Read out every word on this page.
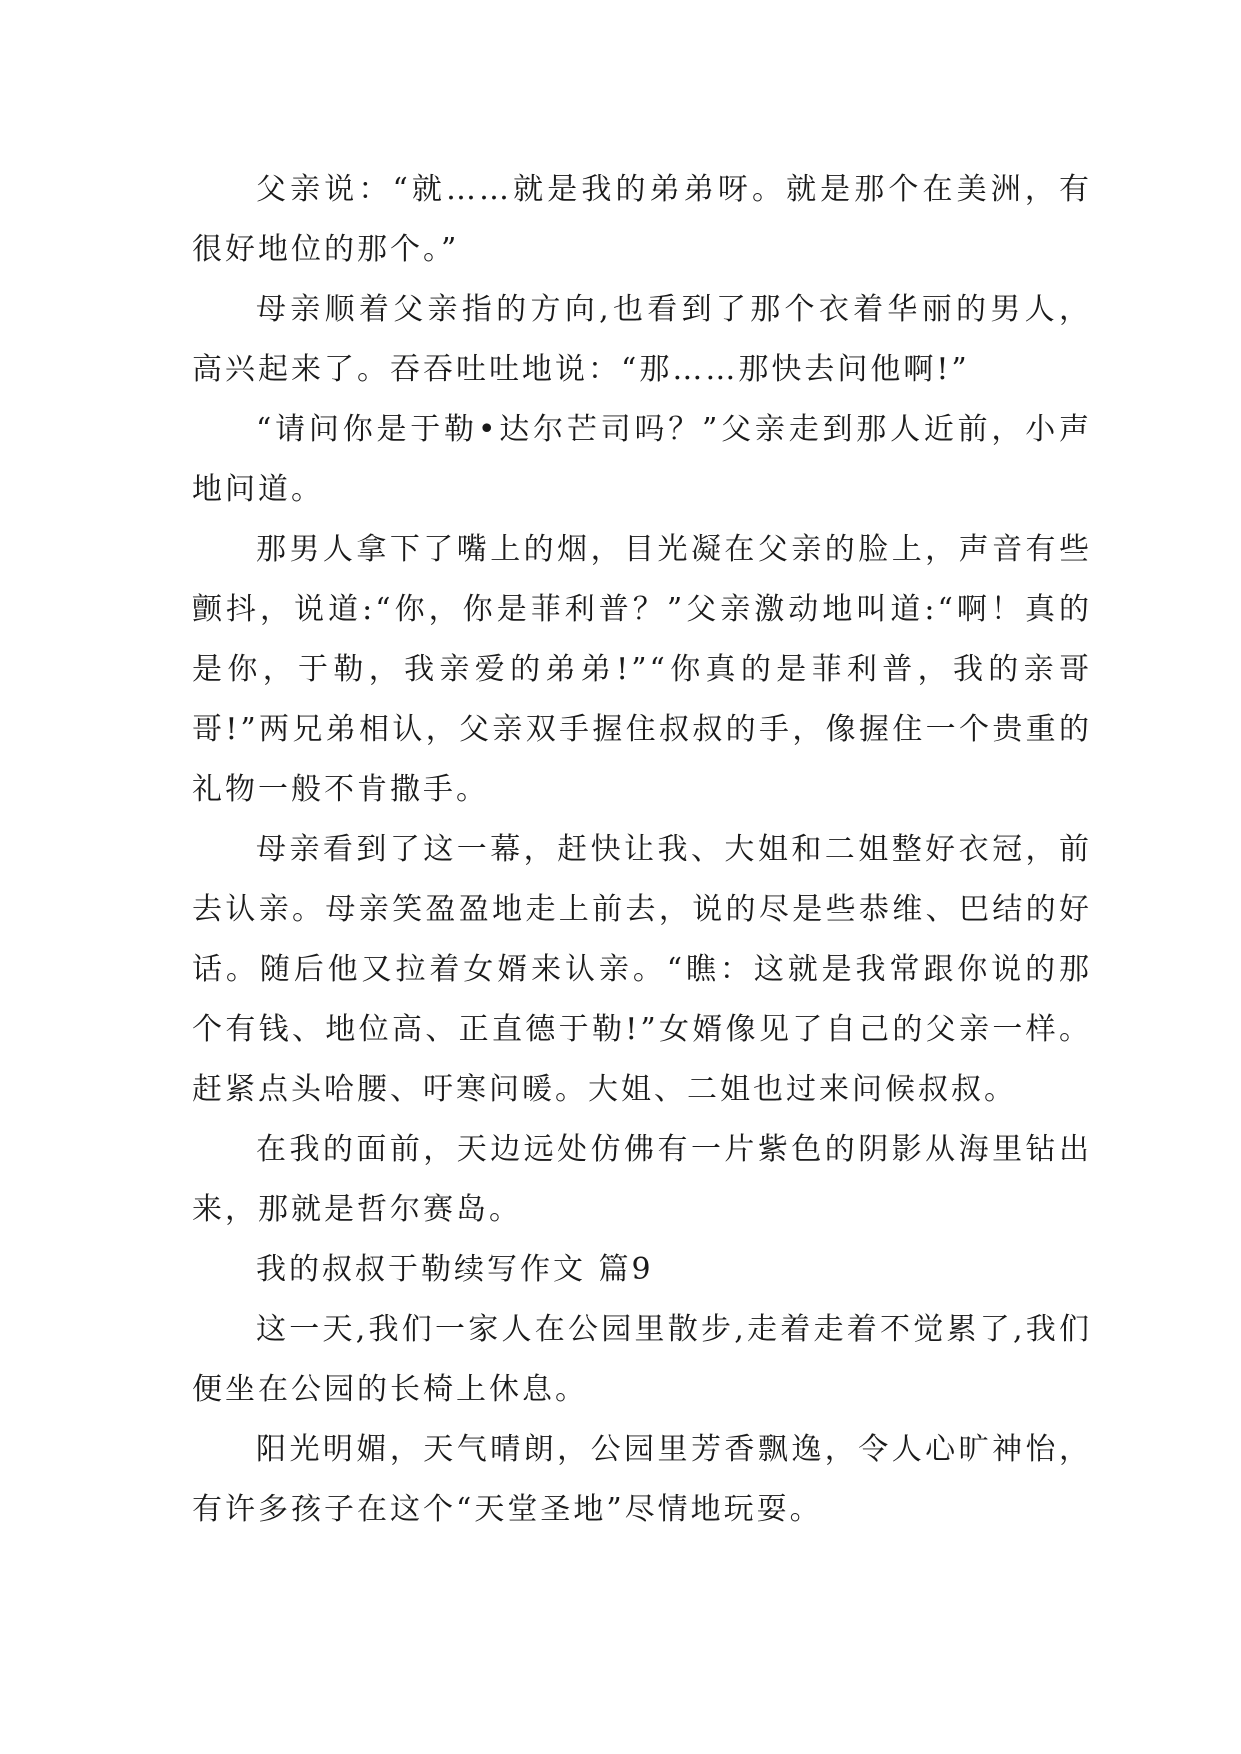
父亲说：“就……就是我的弟弟呀。就是那个在美洲，有很好地位的那个。”

母亲顺着父亲指的方向,也看到了那个衣着华丽的男人，高兴起来了。吞吞吐吐地说：“那……那快去问他啊!”

“请问你是于勒•达尔芒司吗？”父亲走到那人近前，小声地问道。

那男人拿下了嘴上的烟，目光凝在父亲的脸上，声音有些颤抖，说道:“你，你是菲利普？”父亲激动地叫道:“啊！真的是你，于勒，我亲爱的弟弟!”“你真的是菲利普，我的亲哥哥!”两兄弟相认，父亲双手握住叔叔的手，像握住一个贵重的礼物一般不肯撒手。

母亲看到了这一幕，赶快让我、大姐和二姐整好衣冠，前去认亲。母亲笑盈盈地走上前去，说的尽是些恭维、巴结的好话。随后他又拉着女婿来认亲。“瞧：这就是我常跟你说的那个有钱、地位高、正直德于勒!”女婿像见了自己的父亲一样。赶紧点头哈腰、吁寒问暖。大姐、二姐也过来问候叔叔。

在我的面前，天边远处仿佛有一片紫色的阴影从海里钻出来，那就是哲尔赛岛。

我的叔叔于勒续写作文 篇9

这一天,我们一家人在公园里散步,走着走着不觉累了,我们便坐在公园的长椅上休息。

阳光明媚，天气晴朗，公园里芳香飘逸，令人心旷神怡，有许多孩子在这个“天堂圣地”尽情地玩耍。
